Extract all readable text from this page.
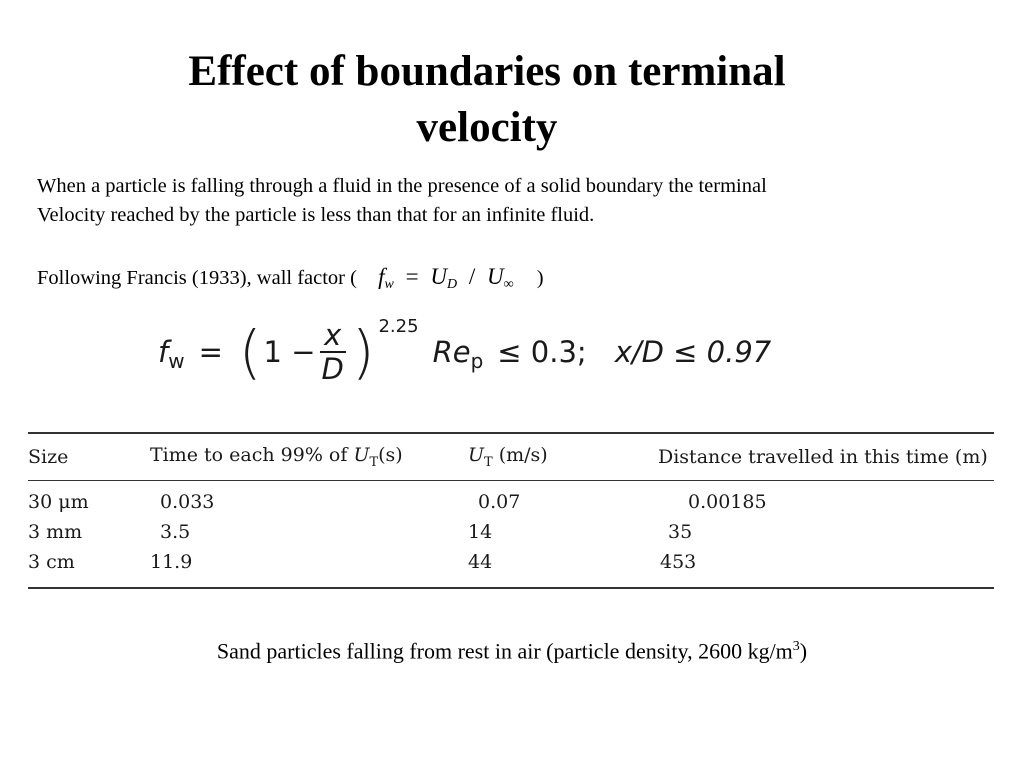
Effect of boundaries on terminal
velocity

When a particle is falling through a fluid in the presence of a solid boundary the terminal

Velocity reached by the particle is less than that for an infinite fluid.

Following Francis (1933), wall factor ( $f_w = U_D / U_\infty$ )
f w = ( $1 - \frac{x}{D}$ ) 2.25
Re p ≤ 0.3; x/D ≤ 0.97
Size	Time to each 99% of $U_T(s)$	$U_T$ (m/s)	Distance travelled in this time (m)
30 μm	0.033	0.07	0.00185
3 mm	3.5	14	35
3 cm	11.9	44	453
Sand particles falling from rest in air (particle density, 2600 $kg/m^3$)
